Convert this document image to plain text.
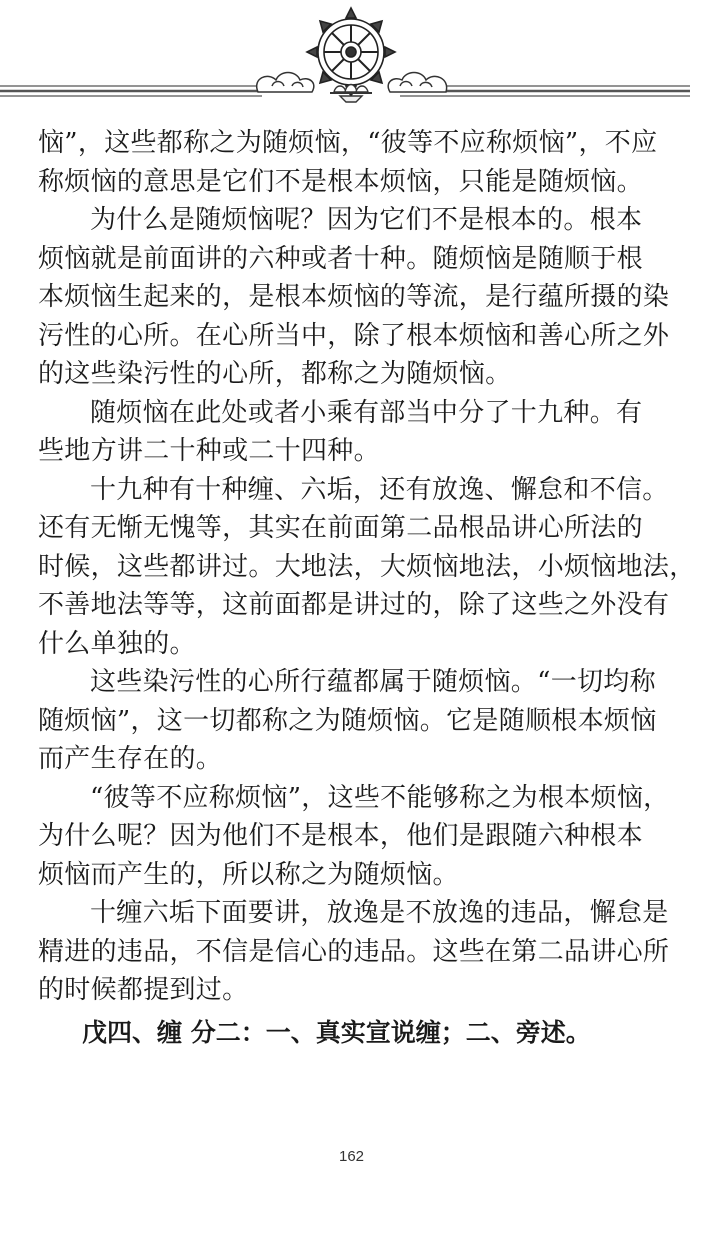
恼”，这些都称之为随烦恼，“彼等不应称烦恼”，不应
称烦恼的意思是它们不是根本烦恼，只能是随烦恼。
为什么是随烦恼呢？因为它们不是根本的。根本
烦恼就是前面讲的六种或者十种。随烦恼是随顺于根
本烦恼生起来的，是根本烦恼的等流，是行蕴所摄的染
污性的心所。在心所当中，除了根本烦恼和善心所之外
的这些染污性的心所，都称之为随烦恼。
随烦恼在此处或者小乘有部当中分了十九种。有
些地方讲二十种或二十四种。
十九种有十种缠、六垢，还有放逸、懈怠和不信。
还有无惭无愧等，其实在前面第二品根品讲心所法的
时候，这些都讲过。大地法，大烦恼地法，小烦恼地法，
不善地法等等，这前面都是讲过的，除了这些之外没有
什么单独的。
这些染污性的心所行蕴都属于随烦恼。“一切均称
随烦恼”，这一切都称之为随烦恼。它是随顺根本烦恼
而产生存在的。
“彼等不应称烦恼”，这些不能够称之为根本烦恼，
为什么呢？因为他们不是根本，他们是跟随六种根本
烦恼而产生的，所以称之为随烦恼。
十缠六垢下面要讲，放逸是不放逸的违品，懈怠是
精进的违品，不信是信心的违品。这些在第二品讲心所
的时候都提到过。
戊四、缠 分二：一、真实宣说缠；二、旁述。
162
